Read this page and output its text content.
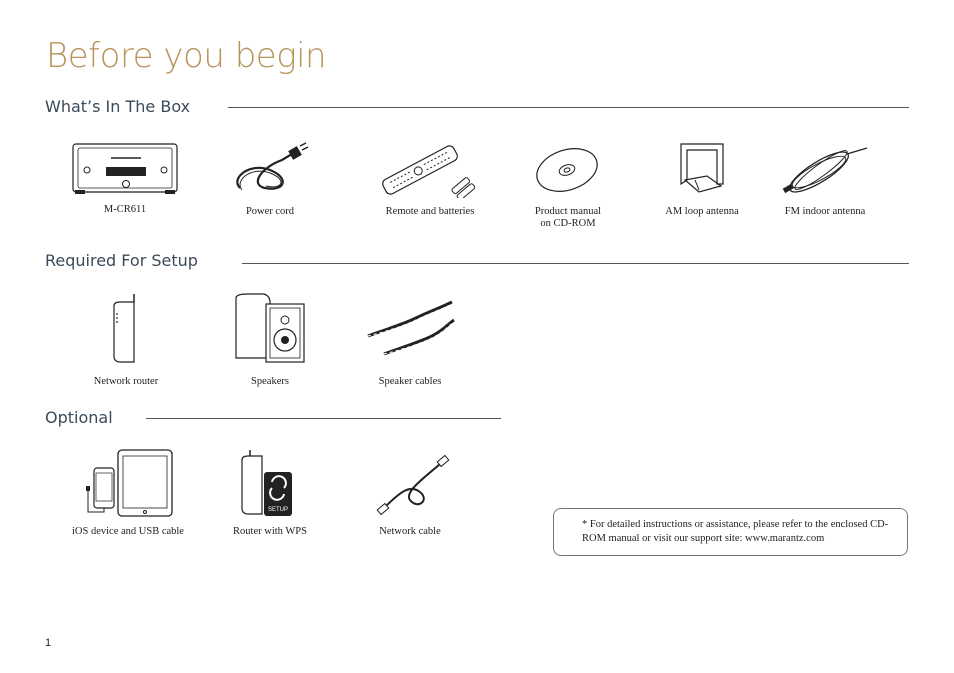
Before you begin
What’s In The Box
M-CR611	Power cord	Remote and batteries	Product manual
on CD-ROM
AM loop antenna	FM indoor antenna
Required For Setup
Network router	Speakers	Speaker cables
Optional
iOS device and USB cable
SETUP
Router with WPS	Network cable
* For detailed instructions or assistance, please refer to the enclosed CD-ROM manual or visit our support site: www.marantz.com
1
